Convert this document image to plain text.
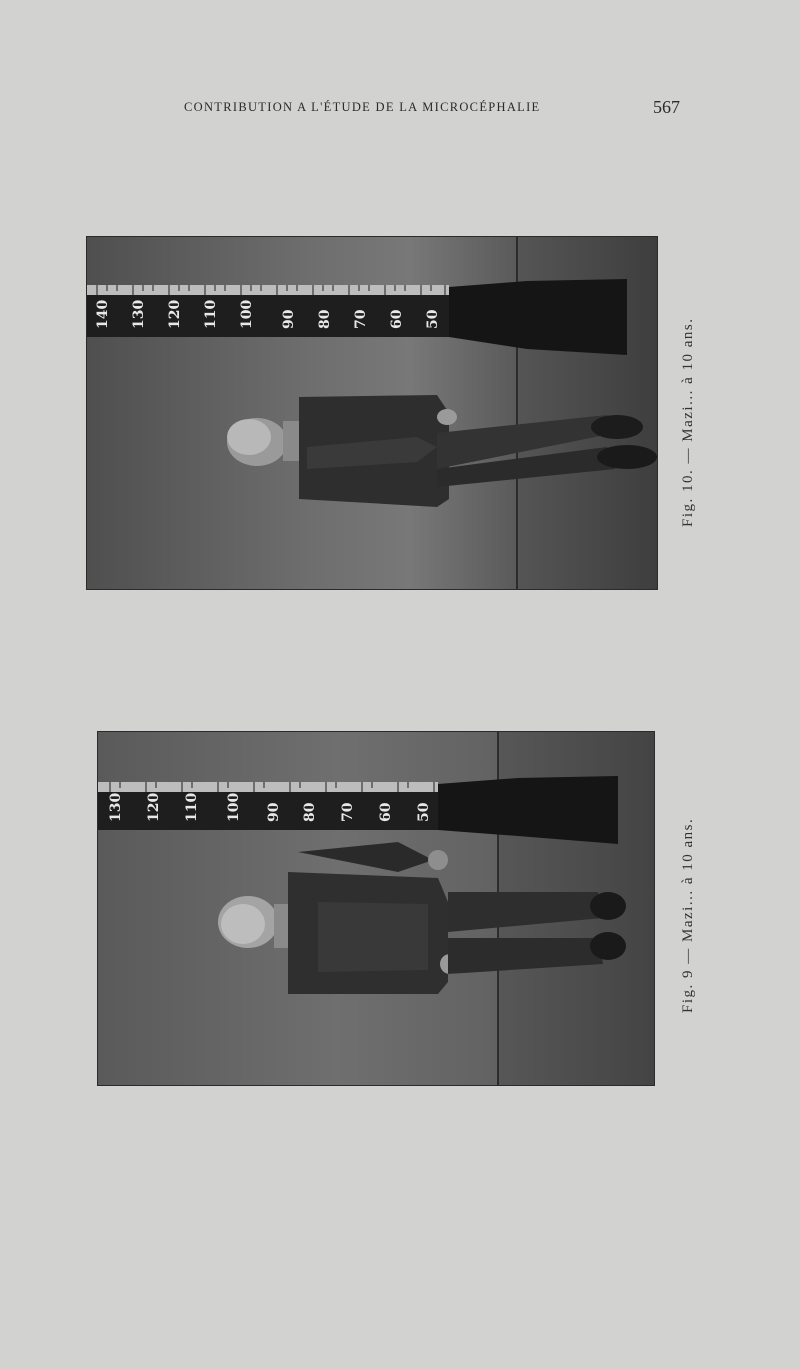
CONTRIBUTION A L'ÉTUDE DE LA MICROCÉPHALIE	567
140 130 120 110 100 90 80 70 60 50	Fig. 10. — Mazi... à 10 ans.
130 120 110 100 90 80 70 60 50
Fig. 9 — Mazi... à 10 ans.
